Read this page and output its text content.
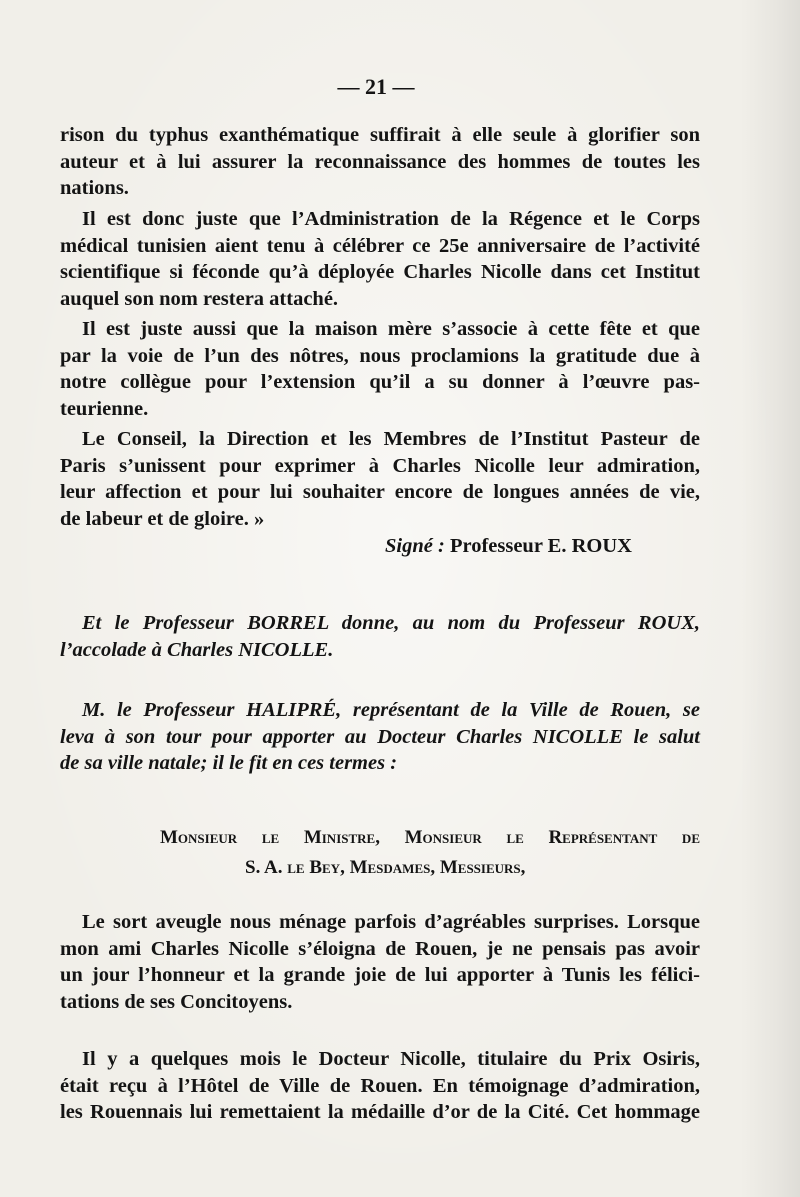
— 21 —
rison du typhus exanthématique suffirait à elle seule à glorifier son
auteur et à lui assurer la reconnaissance des hommes de toutes les
nations.
Il est donc juste que l’Administration de la Régence et le Corps
médical tunisien aient tenu à célébrer ce 25e anniversaire de l’activité
scientifique si féconde qu’à déployée Charles Nicolle dans cet Institut
auquel son nom restera attaché.
Il est juste aussi que la maison mère s’associe à cette fête et que
par la voie de l’un des nôtres, nous proclamions la gratitude due à
notre collègue pour l’extension qu’il a su donner à l’œuvre pas-
teurienne.
Le Conseil, la Direction et les Membres de l’Institut Pasteur de
Paris s’unissent pour exprimer à Charles Nicolle leur admiration,
leur affection et pour lui souhaiter encore de longues années de vie,
de labeur et de gloire. »
Signé : Professeur E. ROUX
Et le Professeur BORREL donne, au nom du Professeur ROUX,
l’accolade à Charles NICOLLE.
M. le Professeur HALIPRÉ, représentant de la Ville de Rouen, se
leva à son tour pour apporter au Docteur Charles NICOLLE le salut
de sa ville natale; il le fit en ces termes :
Monsieur le Ministre, Monsieur le Représentant de
S. A. le Bey, Mesdames, Messieurs,
Le sort aveugle nous ménage parfois d’agréables surprises. Lorsque
mon ami Charles Nicolle s’éloigna de Rouen, je ne pensais pas avoir
un jour l’honneur et la grande joie de lui apporter à Tunis les félici-
tations de ses Concitoyens.
Il y a quelques mois le Docteur Nicolle, titulaire du Prix Osiris,
était reçu à l’Hôtel de Ville de Rouen. En témoignage d’admiration,
les Rouennais lui remettaient la médaille d’or de la Cité. Cet hommage
